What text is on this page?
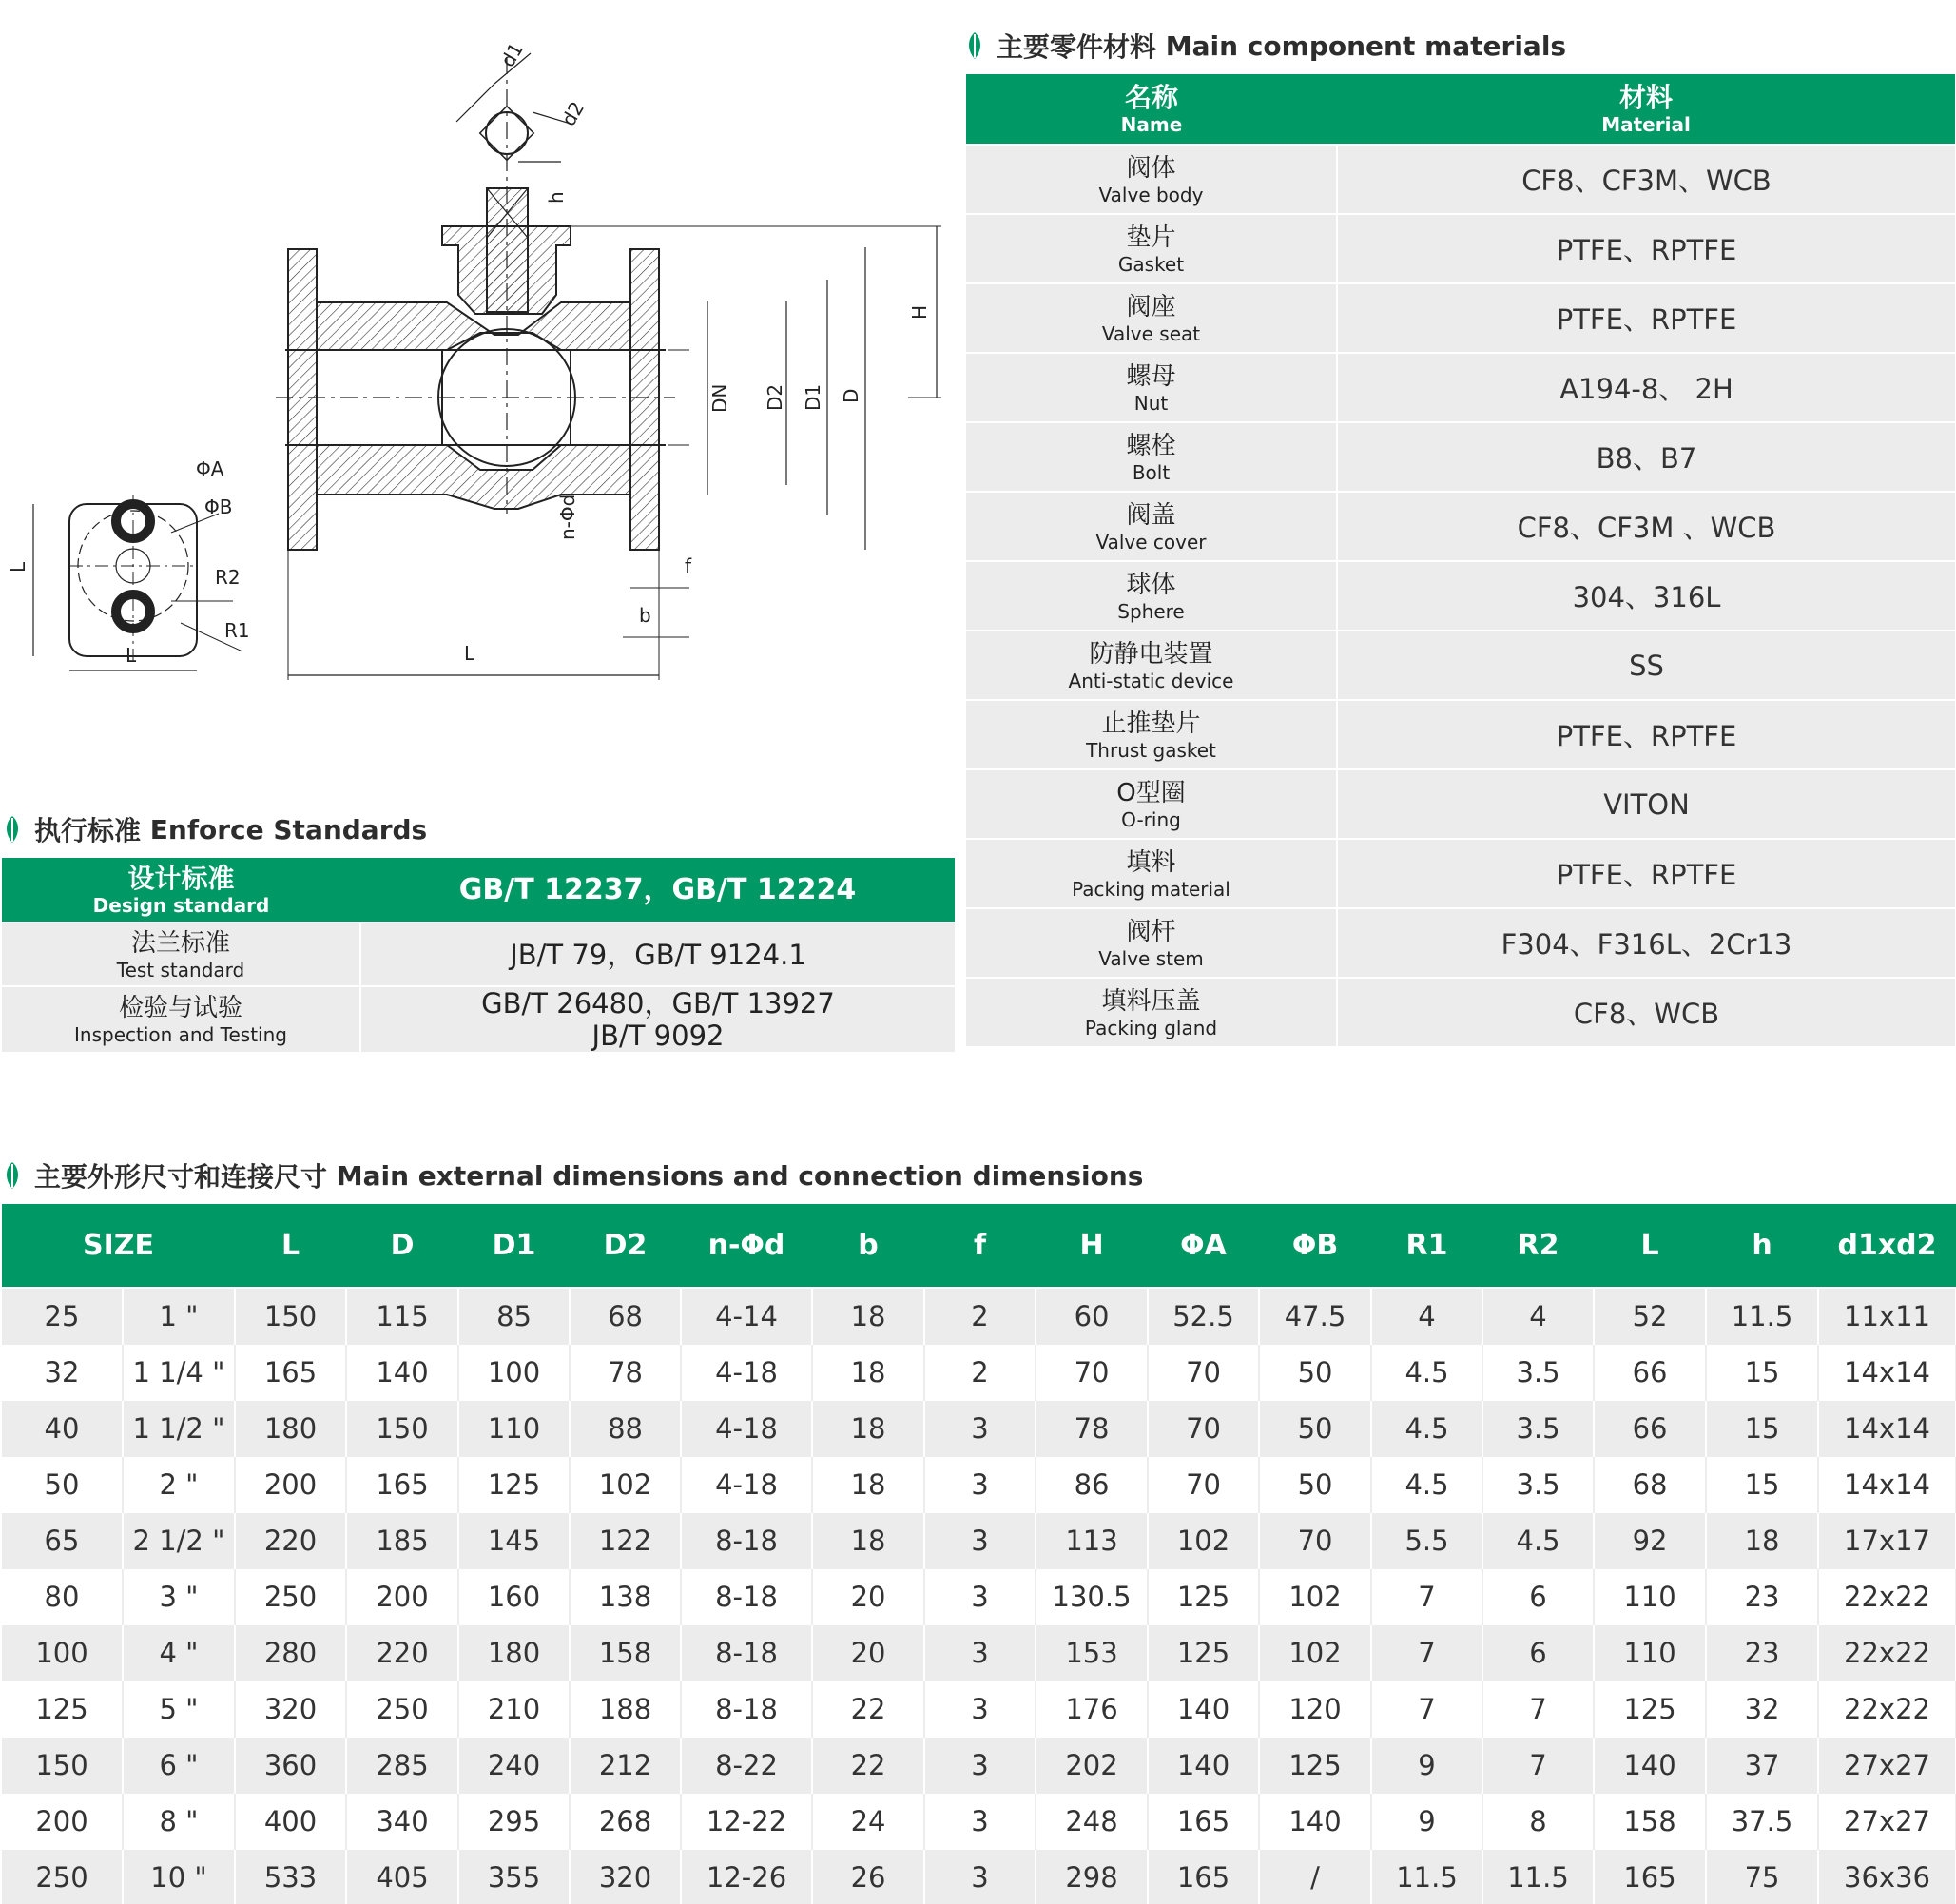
d1
d2
h
H
DN D2 D1 D
n-Φd
f
b
L
ΦA
ΦB
R2
R1
L
L
主要零件材料
Main component materials
名称
Name	材料
Material

阀体
Valve body	CF8、CF3M、WCB

垫片
Gasket	PTFE、RPTFE

阀座
Valve seat	PTFE、RPTFE

螺母
Nut	A194-8、 2H

螺栓
Bolt	B8、B7

阀盖
Valve cover	CF8、CF3M 、WCB

球体
Sphere	304、316L

防静电装置
Anti-static device	SS

止推垫片
Thrust gasket	PTFE、RPTFE

O型圈
O-ring	VITON

填料
Packing material	PTFE、RPTFE

阀杆
Valve stem	F304、F316L、2Cr13

填料压盖
Packing gland	CF8、WCB
执行标准
Enforce Standards
设计标准
Design standard	GB/T 12237，GB/T 12224

法兰标准
Test standard	JB/T 79，GB/T 9124.1

检验与试验
Inspection and Testing	GB/T 26480，GB/T 13927
JB/T 9092
主要外形尺寸和连接尺寸
Main external dimensions and connection dimensions
SIZE		L	D	D1	D2	n-Φd	b	f	H	ΦA	ΦB	R1	R2	L	h	d1xd2
25	1 "	150	115	85	68	4-14	18	2	60	52.5	47.5	4	4	52	11.5	11x11
32	1 1/4 "	165	140	100	78	4-18	18	2	70	70	50	4.5	3.5	66	15	14x14
40	1 1/2 "	180	150	110	88	4-18	18	3	78	70	50	4.5	3.5	66	15	14x14
50	2 "	200	165	125	102	4-18	18	3	86	70	50	4.5	3.5	68	15	14x14
65	2 1/2 "	220	185	145	122	8-18	18	3	113	102	70	5.5	4.5	92	18	17x17
80	3 "	250	200	160	138	8-18	20	3	130.5	125	102	7	6	110	23	22x22
100	4 "	280	220	180	158	8-18	20	3	153	125	102	7	6	110	23	22x22
125	5 "	320	250	210	188	8-18	22	3	176	140	120	7	7	125	32	22x22
150	6 "	360	285	240	212	8-22	22	3	202	140	125	9	7	140	37	27x27
200	8 "	400	340	295	268	12-22	24	3	248	165	140	9	8	158	37.5	27x27
250	10 "	533	405	355	320	12-26	26	3	298	165	/	11.5	11.5	165	75	36x36
